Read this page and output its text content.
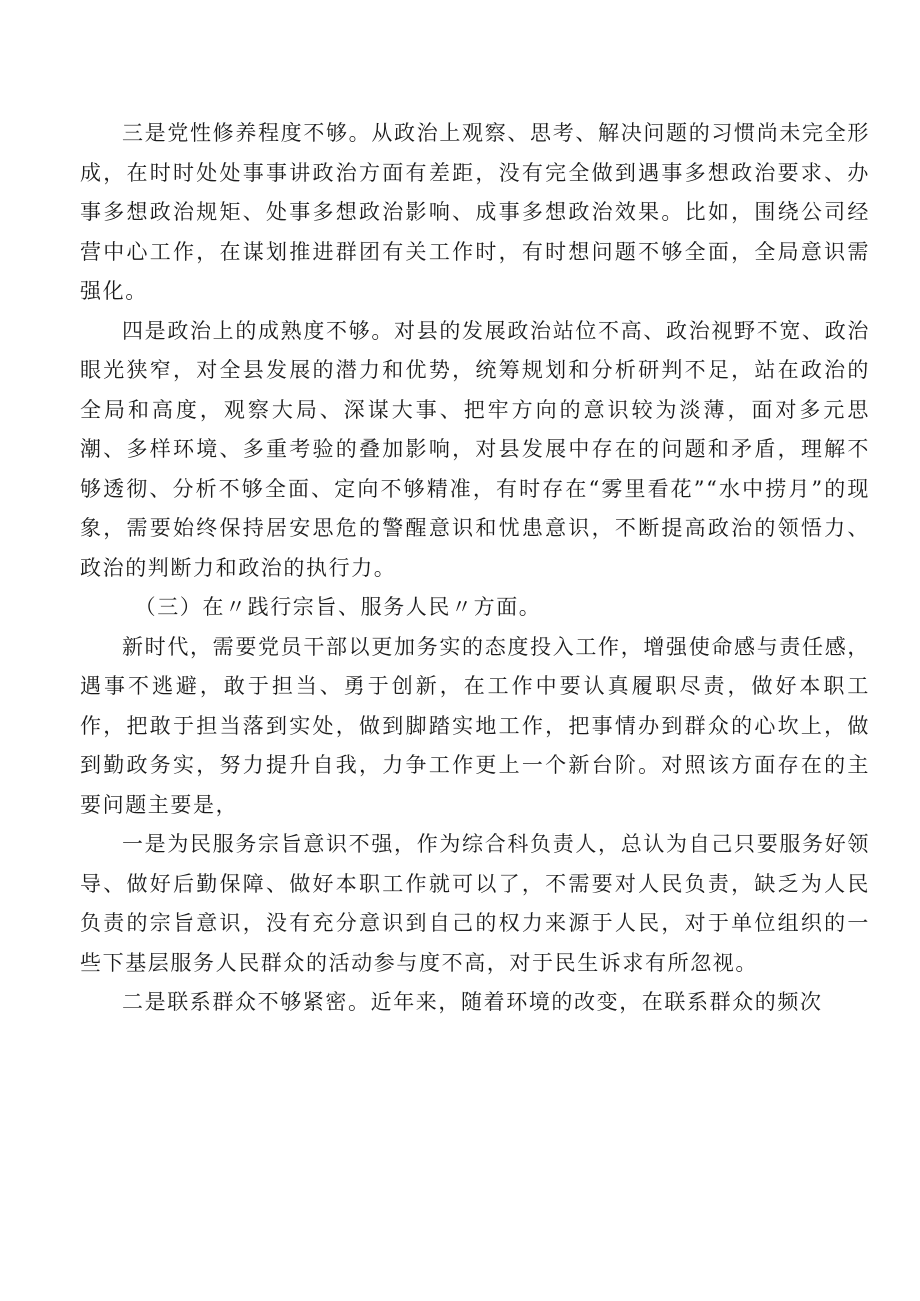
三是党性修养程度不够。从政治上观察、思考、解决问题的习惯尚未完全形成，在时时处处事事讲政治方面有差距，没有完全做到遇事多想政治要求、办事多想政治规矩、处事多想政治影响、成事多想政治效果。比如，围绕公司经营中心工作，在谋划推进群团有关工作时，有时想问题不够全面，全局意识需强化。

四是政治上的成熟度不够。对县的发展政治站位不高、政治视野不宽、政治眼光狭窄，对全县发展的潜力和优势，统筹规划和分析研判不足，站在政治的全局和高度，观察大局、深谋大事、把牢方向的意识较为淡薄，面对多元思潮、多样环境、多重考验的叠加影响，对县发展中存在的问题和矛盾，理解不够透彻、分析不够全面、定向不够精准，有时存在“雾里看花”“水中捞月”的现象，需要始终保持居安思危的警醒意识和忧患意识，不断提高政治的领悟力、政治的判断力和政治的执行力。

（三）在〃践行宗旨、服务人民〃方面。

新时代，需要党员干部以更加务实的态度投入工作，增强使命感与责任感，遇事不逃避，敢于担当、勇于创新，在工作中要认真履职尽责，做好本职工作，把敢于担当落到实处，做到脚踏实地工作，把事情办到群众的心坎上，做到勤政务实，努力提升自我，力争工作更上一个新台阶。对照该方面存在的主要问题主要是，

一是为民服务宗旨意识不强，作为综合科负责人，总认为自己只要服务好领导、做好后勤保障、做好本职工作就可以了，不需要对人民负责，缺乏为人民负责的宗旨意识，没有充分意识到自己的权力来源于人民，对于单位组织的一些下基层服务人民群众的活动参与度不高，对于民生诉求有所忽视。

二是联系群众不够紧密。近年来，随着环境的改变，在联系群众的频次
